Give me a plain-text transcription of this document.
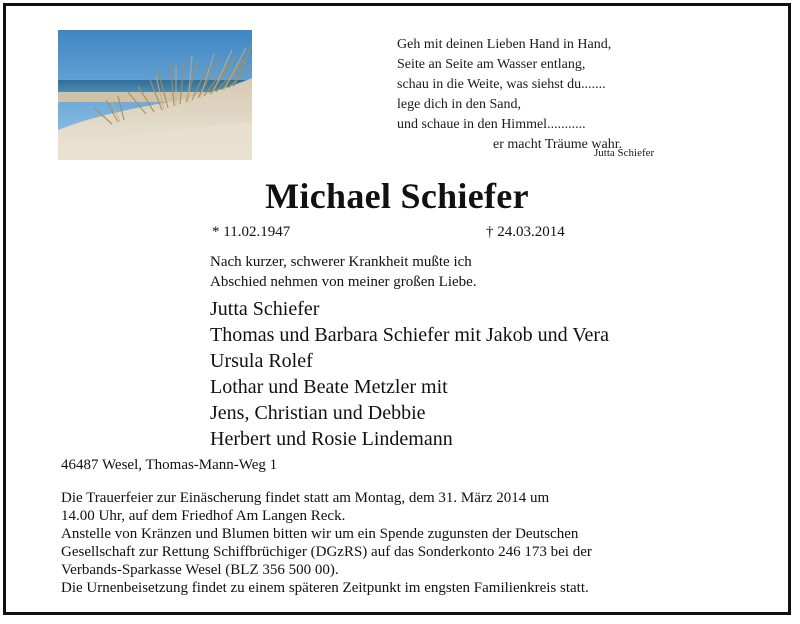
Geh mit deinen Lieben Hand in Hand,
Seite an Seite am Wasser entlang,
schau in die Weite, was siehst du.......
lege dich in den Sand,
und schaue in den Himmel...........
er macht Träume wahr.
Jutta Schiefer
Michael Schiefer
* 11.02.1947	† 24.03.2014
Nach kurzer, schwerer Krankheit mußte ich
Abschied nehmen von meiner großen Liebe.
Jutta Schiefer
Thomas und Barbara Schiefer mit Jakob und Vera
Ursula Rolef
Lothar und Beate Metzler mit
Jens, Christian und Debbie
Herbert und Rosie Lindemann
46487 Wesel, Thomas-Mann-Weg 1
Die Trauerfeier zur Einäscherung findet statt am Montag, dem 31. März 2014 um
14.00 Uhr, auf dem Friedhof Am Langen Reck.
Anstelle von Kränzen und Blumen bitten wir um ein Spende zugunsten der Deutschen
Gesellschaft zur Rettung Schiffbrüchiger (DGzRS) auf das Sonderkonto 246 173 bei der
Verbands-Sparkasse Wesel (BLZ 356 500 00).
Die Urnenbeisetzung findet zu einem späteren Zeitpunkt im engsten Familienkreis statt.
